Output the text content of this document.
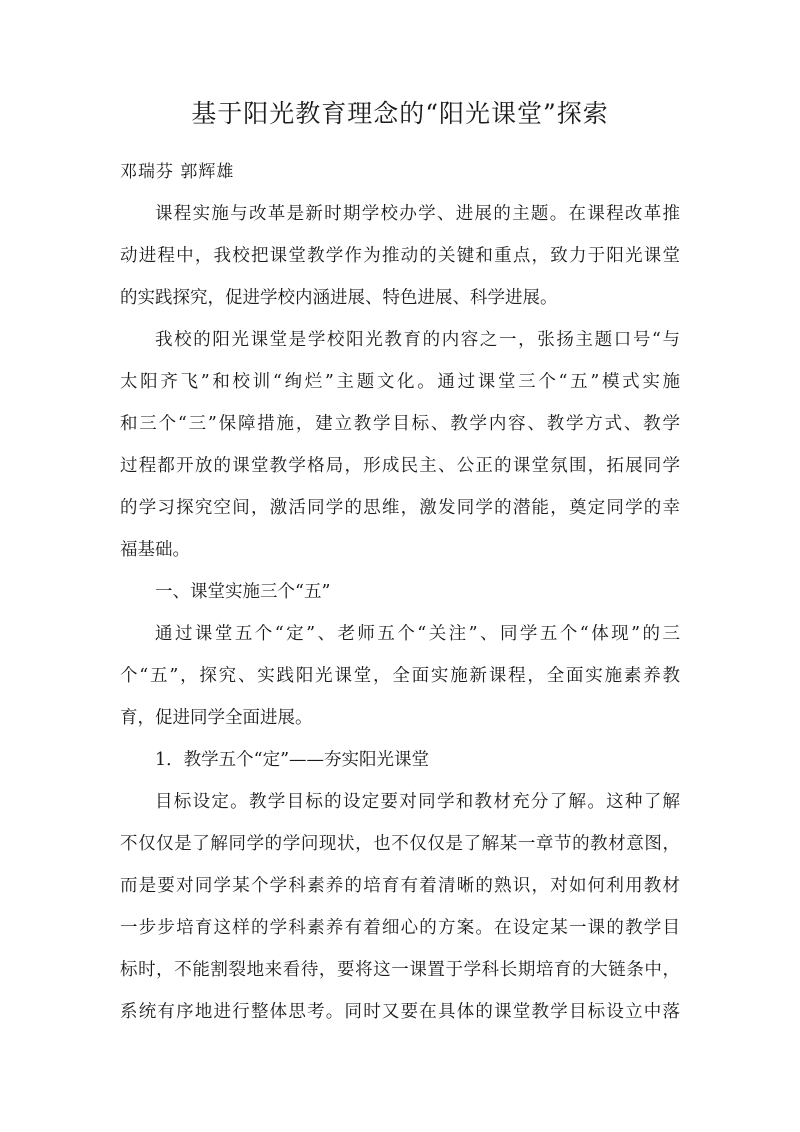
基于阳光教育理念的“阳光课堂”探索
邓瑞芬 郭辉雄
课程实施与改革是新时期学校办学、进展的主题。在课程改革推
动进程中，我校把课堂教学作为推动的关键和重点，致力于阳光课堂
的实践探究，促进学校内涵进展、特色进展、科学进展。
我校的阳光课堂是学校阳光教育的内容之一，张扬主题口号“与
太阳齐飞”和校训“绚烂”主题文化。通过课堂三个“五”模式实施
和三个“三”保障措施，建立教学目标、教学内容、教学方式、教学
过程都开放的课堂教学格局，形成民主、公正的课堂氛围，拓展同学
的学习探究空间，激活同学的思维，激发同学的潜能，奠定同学的幸
福基础。
一、课堂实施三个“五”
通过课堂五个“定”、老师五个“关注”、同学五个“体现”的三
个“五”，探究、实践阳光课堂，全面实施新课程，全面实施素养教
育，促进同学全面进展。
1．教学五个“定”——夯实阳光课堂
目标设定。教学目标的设定要对同学和教材充分了解。这种了解
不仅仅是了解同学的学问现状，也不仅仅是了解某一章节的教材意图，
而是要对同学某个学科素养的培育有着清晰的熟识，对如何利用教材
一步步培育这样的学科素养有着细心的方案。在设定某一课的教学目
标时，不能割裂地来看待，要将这一课置于学科长期培育的大链条中，
系统有序地进行整体思考。同时又要在具体的课堂教学目标设立中落
